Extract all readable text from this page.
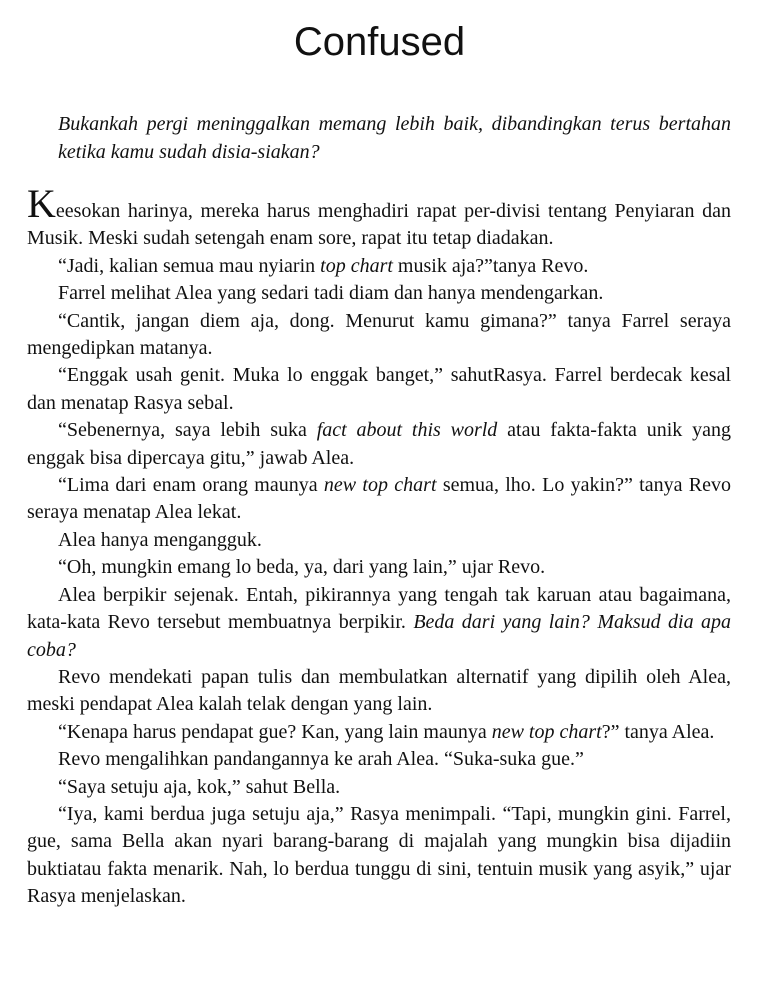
Confused

Bukankah pergi meninggalkan memang lebih baik, dibandingkan terus bertahan ketika kamu sudah disia-siakan?

Keesokan harinya, mereka harus menghadiri rapat per-divisi tentang Penyiaran dan Musik. Meski sudah setengah enam sore, rapat itu tetap diadakan.

“Jadi, kalian semua mau nyiarin top chart musik aja?”tanya Revo.

Farrel melihat Alea yang sedari tadi diam dan hanya mendengarkan.

“Cantik, jangan diem aja, dong. Menurut kamu gimana?” tanya Farrel seraya mengedipkan matanya.

“Enggak usah genit. Muka lo enggak banget,” sahutRasya. Farrel berdecak kesal dan menatap Rasya sebal.

“Sebenernya, saya lebih suka fact about this world atau fakta-fakta unik yang enggak bisa dipercaya gitu,” jawab Alea.

“Lima dari enam orang maunya new top chart semua, lho. Lo yakin?” tanya Revo seraya menatap Alea lekat.

Alea hanya mengangguk.

“Oh, mungkin emang lo beda, ya, dari yang lain,” ujar Revo.

Alea berpikir sejenak. Entah, pikirannya yang tengah tak karuan atau bagaimana, kata-kata Revo tersebut membuatnya berpikir. Beda dari yang lain? Maksud dia apa coba?

Revo mendekati papan tulis dan membulatkan alternatif yang dipilih oleh Alea, meski pendapat Alea kalah telak dengan yang lain.

“Kenapa harus pendapat gue? Kan, yang lain maunya new top chart?” tanya Alea.

Revo mengalihkan pandangannya ke arah Alea. “Suka-suka gue.”

“Saya setuju aja, kok,” sahut Bella.

“Iya, kami berdua juga setuju aja,” Rasya menimpali. “Tapi, mungkin gini. Farrel, gue, sama Bella akan nyari barang-barang di majalah yang mungkin bisa dijadiin buktiatau fakta menarik. Nah, lo berdua tunggu di sini, tentuin musik yang asyik,” ujar Rasya menjelaskan.
